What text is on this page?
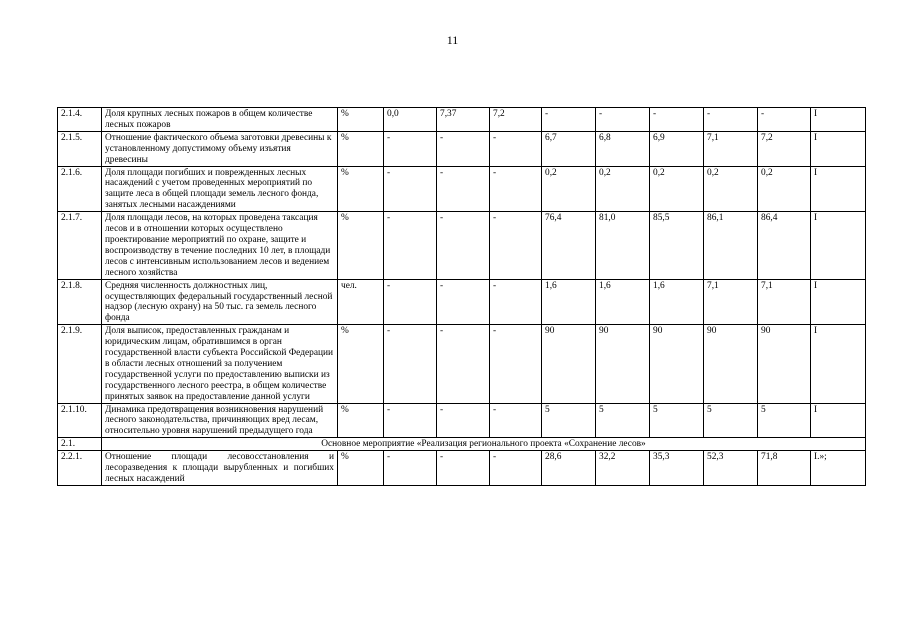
11
2.1.4.	Доля крупных лесных пожаров в общем количестве лесных пожаров	%	0,0	7,37	7,2	-	-	-	-	-	I
2.1.5.	Отношение фактического объема заготовки древесины к установленному допустимому объему изъятия древесины	%	-	-	-	6,7	6,8	6,9	7,1	7,2	I
2.1.6.	Доля площади погибших и поврежденных лесных насаждений с учетом проведенных мероприятий по защите леса в общей площади земель лесного фонда, занятых лесными насаждениями	%	-	-	-	0,2	0,2	0,2	0,2	0,2	I
2.1.7.	Доля площади лесов, на которых проведена таксация лесов и в отношении которых осуществлено проектирование мероприятий по охране, защите и воспроизводству в течение последних 10 лет, в площади лесов с интенсивным использованием лесов и ведением лесного хозяйства	%	-	-	-	76,4	81,0	85,5	86,1	86,4	I
2.1.8.	Средняя численность должностных лиц, осуществляющих федеральный государственный лесной надзор (лесную охрану) на 50 тыс. га земель лесного фонда	чел.	-	-	-	1,6	1,6	1,6	7,1	7,1	I
2.1.9.	Доля выписок, предоставленных гражданам и юридическим лицам, обратившимся в орган государственной власти субъекта Российской Федерации в области лесных отношений за получением государственной услуги по предоставлению выписки из государственного лесного реестра, в общем количестве принятых заявок на предоставление данной услуги	%	-	-	-	90	90	90	90	90	I
2.1.10.	Динамика предотвращения возникновения нарушений лесного законодательства, причиняющих вред лесам, относительно уровня нарушений предыдущего года	%	-	-	-	5	5	5	5	5	I
2.1.	Основное мероприятие «Реализация регионального проекта «Сохранение лесов»										
2.2.1.	Отношение площади лесовосстановления и лесоразведения к площади вырубленных и погибших лесных насаждений	%	-	-	-	28,6	32,2	35,3	52,3	71,8	I.»;
